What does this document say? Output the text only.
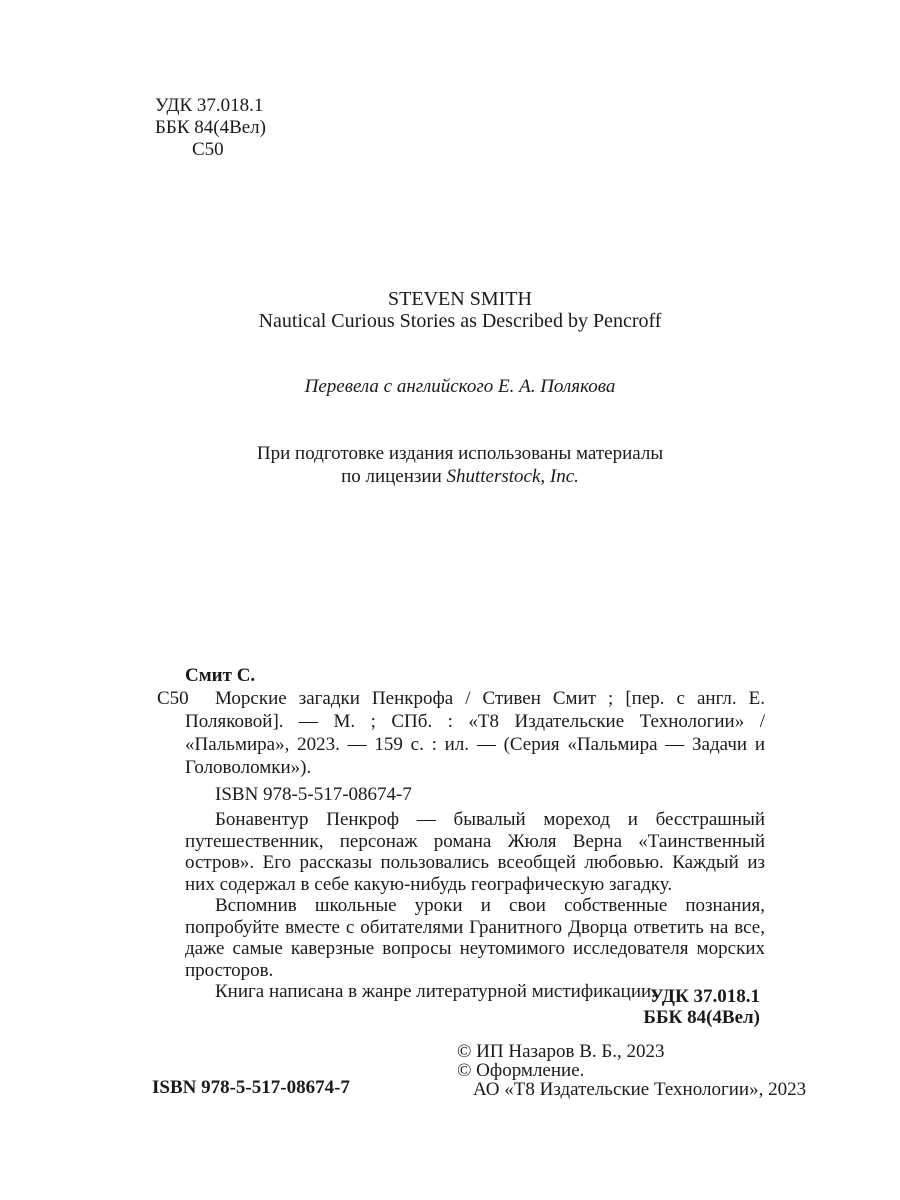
УДК 37.018.1
ББК 84(4Вел)
С50
STEVEN SMITH
Nautical Curious Stories as Described by Pencroff
Перевела с английского Е. А. Полякова
При подготовке издания использованы материалы
по лицензии Shutterstock, Inc.
Смит С.
С50 Морские загадки Пенкрофа / Стивен Смит ; [пер. с англ. Е. Поляковой]. — М. ; СПб. : «Т8 Издательские Технологии» / «Пальмира», 2023. — 159 с. : ил. — (Серия «Пальмира — Задачи и Головоломки»).
ISBN 978-5-517-08674-7

Бонавентур Пенкроф — бывалый мореход и бесстрашный путешественник, персонаж романа Жюля Верна «Таинственный остров». Его рассказы пользовались всеобщей любовью. Каждый из них содержал в себе какую-нибудь географическую загадку.

Вспомнив школьные уроки и свои собственные познания, попробуйте вместе с обитателями Гранитного Дворца ответить на все, даже самые каверзные вопросы неутомимого исследователя морских просторов.

Книга написана в жанре литературной мистификации.

УДК 37.018.1
ББК 84(4Вел)
© ИП Назаров В. Б., 2023
© Оформление.
АО «Т8 Издательские Технологии», 2023
ISBN 978-5-517-08674-7
